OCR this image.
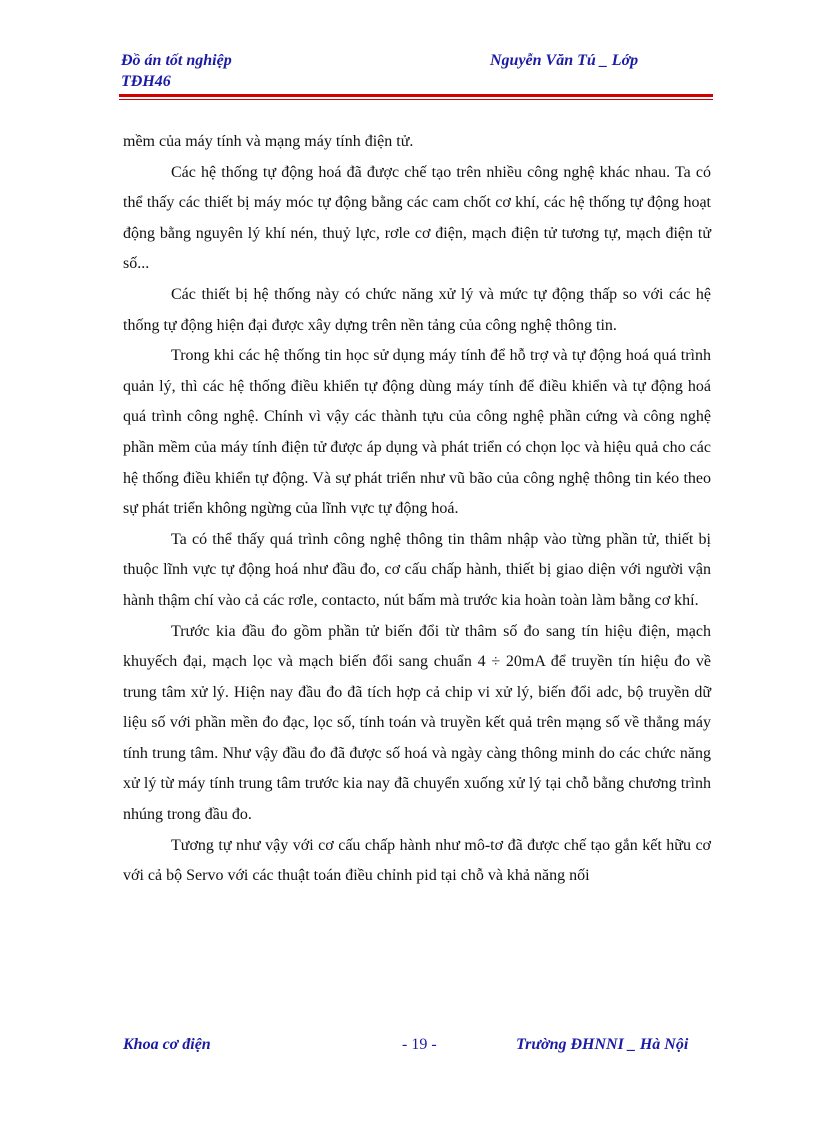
Đồ án tốt nghiệp
TĐH46
Nguyễn Văn Tú _ Lớp

mềm của máy tính và mạng máy tính điện tử.

Các hệ thống tự động hoá đã được chế tạo trên nhiều công nghệ khác nhau. Ta có thể thấy các thiết bị máy móc tự động bằng các cam chốt cơ khí, các hệ thống tự động hoạt động bằng nguyên lý khí nén, thuỷ lực, rơle cơ điện, mạch điện tử tương tự, mạch điện tử số...

Các thiết bị hệ thống này có chức năng xử lý và mức tự động thấp so với các hệ thống tự động hiện đại được xây dựng trên nền tảng của công nghệ thông tin.

Trong khi các hệ thống tin học sử dụng máy tính để hỗ trợ và tự động hoá quá trình quản lý, thì các hệ thống điều khiển tự động dùng máy tính để điều khiển và tự động hoá quá trình công nghệ. Chính vì vậy các thành tựu của công nghệ phần cứng và công nghệ phần mềm của máy tính điện tử được áp dụng và phát triển có chọn lọc và hiệu quả cho các hệ thống điều khiển tự động. Và sự phát triển như vũ bão của công nghệ thông tin kéo theo sự phát triển không ngừng của lĩnh vực tự động hoá.

Ta có thể thấy quá trình công nghệ thông tin thâm nhập vào từng phần tử, thiết bị thuộc lĩnh vực tự động hoá như đầu đo, cơ cấu chấp hành, thiết bị giao diện với người vận hành thậm chí vào cả các rơle, contacto, nút bấm mà trước kia hoàn toàn làm bằng cơ khí.

Trước kia đầu đo gồm phần tử biến đổi từ thâm số đo sang tín hiệu điện, mạch khuyếch đại, mạch lọc và mạch biến đổi sang chuẩn 4 ÷ 20mA để truyền tín hiệu đo về trung tâm xử lý. Hiện nay đầu đo đã tích hợp cả chip vi xử lý, biến đổi adc, bộ truyền dữ liệu số với phần mền đo đạc, lọc số, tính toán và truyền kết quả trên mạng số về thẳng máy tính trung tâm. Như vậy đầu đo đã được số hoá và ngày càng thông minh do các chức năng xử lý từ máy tính trung tâm trước kia nay đã chuyển xuống xử lý tại chỗ bằng chương trình nhúng trong đầu đo.

Tương tự như vậy với cơ cấu chấp hành như mô-tơ đã được chế tạo gắn kết hữu cơ với cả bộ Servo với các thuật toán điều chỉnh pid tại chỗ và khả năng nối

Khoa cơ điện	- 19 -	Trường ĐHNNI _ Hà Nội
